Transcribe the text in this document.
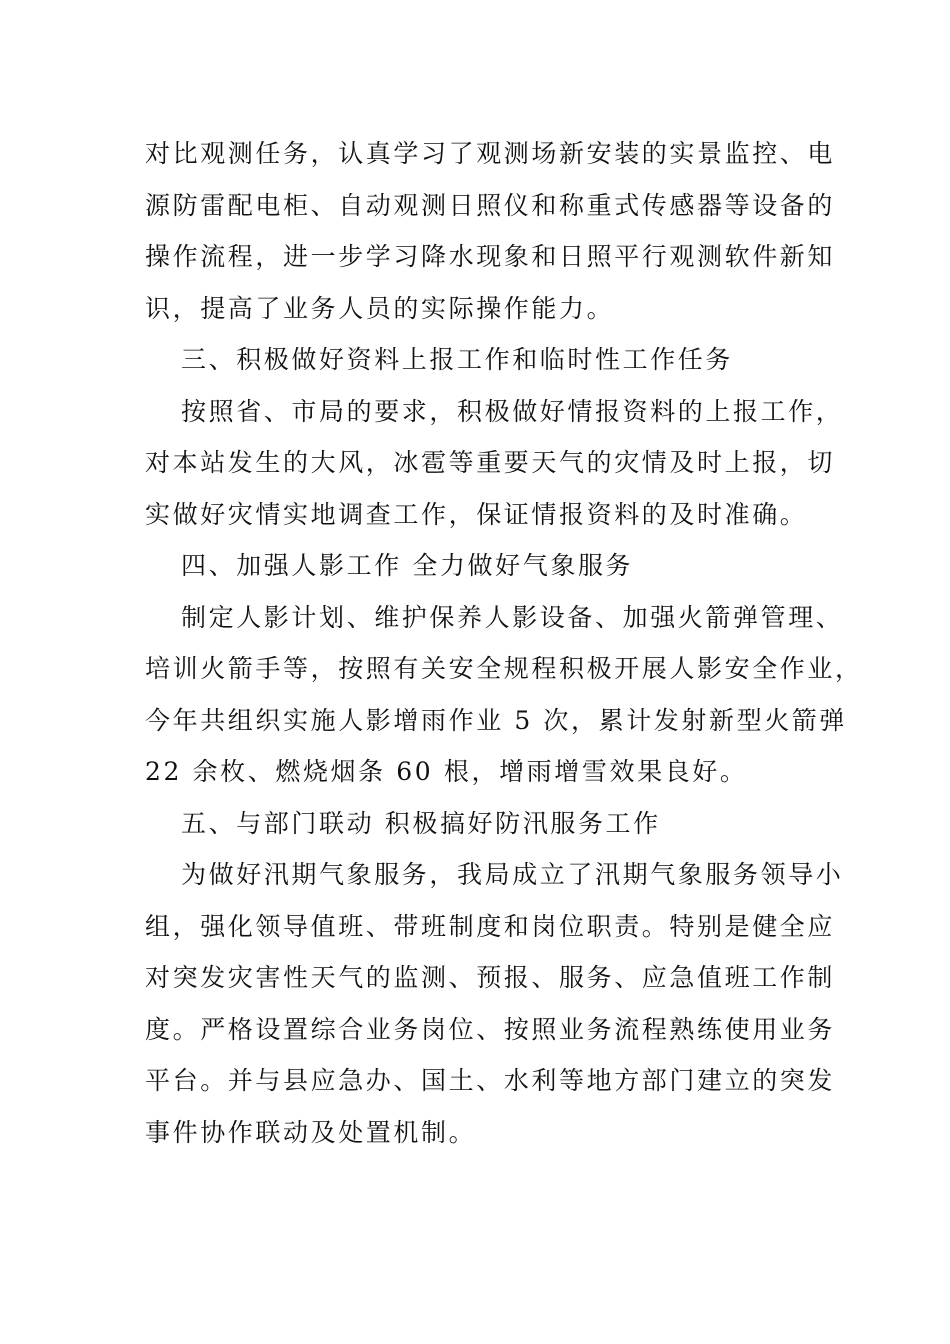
对比观测任务，认真学习了观测场新安装的实景监控、电
源防雷配电柜、自动观测日照仪和称重式传感器等设备的
操作流程，进一步学习降水现象和日照平行观测软件新知
识，提高了业务人员的实际操作能力。
三、积极做好资料上报工作和临时性工作任务
按照省、市局的要求，积极做好情报资料的上报工作，
对本站发生的大风，冰雹等重要天气的灾情及时上报，切
实做好灾情实地调查工作，保证情报资料的及时准确。
四、加强人影工作 全力做好气象服务
制定人影计划、维护保养人影设备、加强火箭弹管理、
培训火箭手等，按照有关安全规程积极开展人影安全作业，
今年共组织实施人影增雨作业 5 次，累计发射新型火箭弹
22 余枚、燃烧烟条 60 根，增雨增雪效果良好。
五、与部门联动 积极搞好防汛服务工作
为做好汛期气象服务，我局成立了汛期气象服务领导小
组，强化领导值班、带班制度和岗位职责。特别是健全应
对突发灾害性天气的监测、预报、服务、应急值班工作制
度。严格设置综合业务岗位、按照业务流程熟练使用业务
平台。并与县应急办、国土、水利等地方部门建立的突发
事件协作联动及处置机制。
